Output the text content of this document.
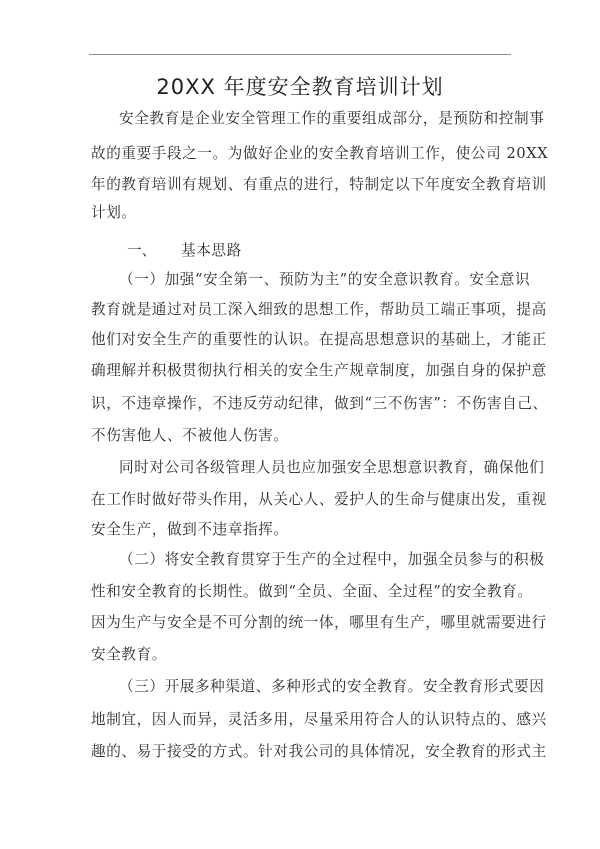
20XX 年度安全教育培训计划
安全教育是企业安全管理工作的重要组成部分，是预防和控制事
故的重要手段之一。为做好企业的安全教育培训工作，使公司 20XX
年的教育培训有规划、有重点的进行，特制定以下年度安全教育培训
计划。
一、 基本思路
（一）加强“安全第一、预防为主”的安全意识教育。安全意识
教育就是通过对员工深入细致的思想工作，帮助员工端正事项，提高
他们对安全生产的重要性的认识。在提高思想意识的基础上，才能正
确理解并积极贯彻执行相关的安全生产规章制度，加强自身的保护意
识，不违章操作，不违反劳动纪律，做到“三不伤害”：不伤害自己、
不伤害他人、不被他人伤害。
同时对公司各级管理人员也应加强安全思想意识教育，确保他们
在工作时做好带头作用，从关心人、爱护人的生命与健康出发，重视
安全生产，做到不违章指挥。
（二）将安全教育贯穿于生产的全过程中，加强全员参与的积极
性和安全教育的长期性。做到“全员、全面、全过程”的安全教育。
因为生产与安全是不可分割的统一体，哪里有生产，哪里就需要进行
安全教育。
（三）开展多种渠道、多种形式的安全教育。安全教育形式要因
地制宜，因人而异，灵活多用，尽量采用符合人的认识特点的、感兴
趣的、易于接受的方式。针对我公司的具体情况，安全教育的形式主
